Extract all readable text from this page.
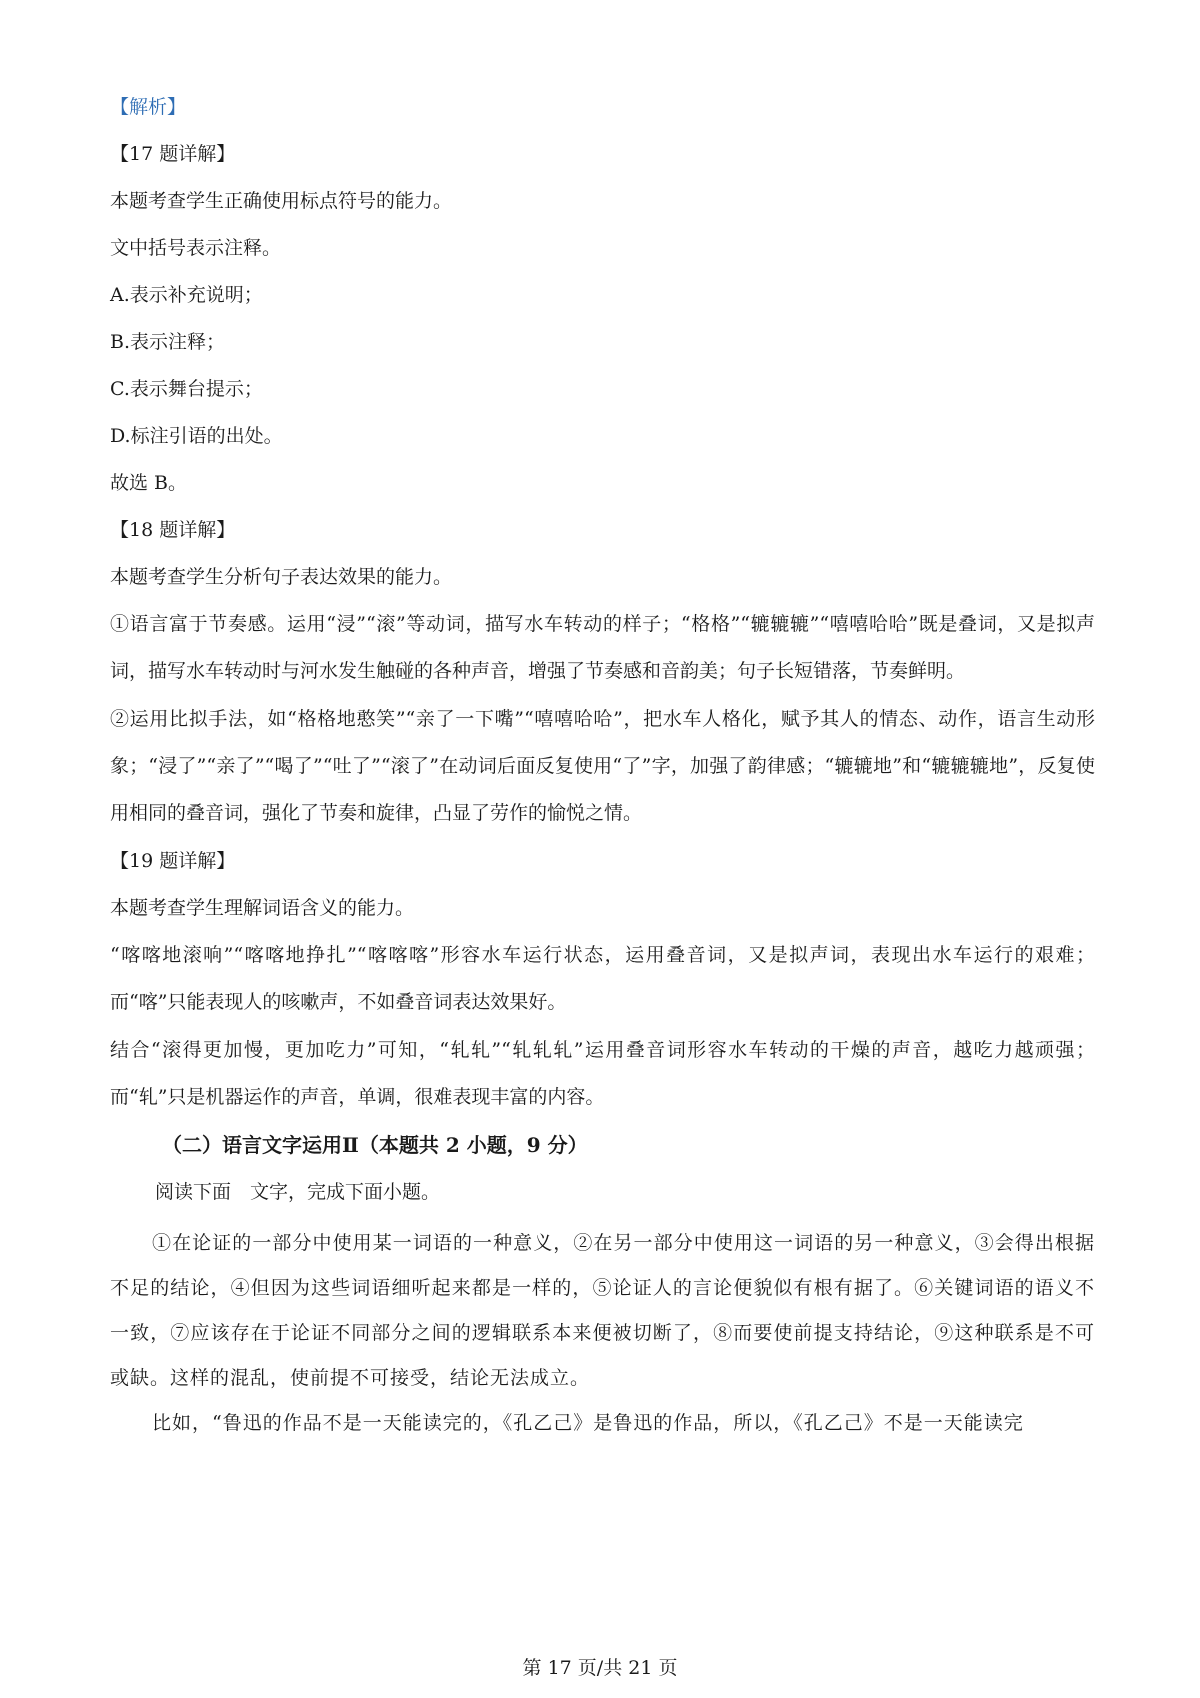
【解析】
【17 题详解】
本题考查学生正确使用标点符号的能力。
文中括号表示注释。
A.表示补充说明；
B.表示注释；
C.表示舞台提示；
D.标注引语的出处。
故选 B。
【18 题详解】
本题考查学生分析句子表达效果的能力。
①语言富于节奏感。运用“浸”“滚”等动词，描写水车转动的样子；“格格”“辘辘辘”“嘻嘻哈哈”既是叠词，又是拟声词，描写水车转动时与河水发生触碰的各种声音，增强了节奏感和音韵美；句子长短错落，节奏鲜明。
②运用比拟手法，如“格格地憨笑”“亲了一下嘴”“嘻嘻哈哈”，把水车人格化，赋予其人的情态、动作，语言生动形象；“浸了”“亲了”“喝了”“吐了”“滚了”在动词后面反复使用“了”字，加强了韵律感；“辘辘地”和“辘辘辘地”，反复使用相同的叠音词，强化了节奏和旋律，凸显了劳作的愉悦之情。
【19 题详解】
本题考查学生理解词语含义的能力。
“喀喀地滚响”“喀喀地挣扎”“喀喀喀”形容水车运行状态，运用叠音词，又是拟声词，表现出水车运行的艰难；而“喀”只能表现人的咳嗽声，不如叠音词表达效果好。
结合“滚得更加慢，更加吃力”可知，“轧轧”“轧轧轧”运用叠音词形容水车转动的干燥的声音，越吃力越顽强；而“轧”只是机器运作的声音，单调，很难表现丰富的内容。
（二）语言文字运用Ⅱ（本题共 2 小题，9 分）
阅读下面　文字，完成下面小题。
①在论证的一部分中使用某一词语的一种意义，②在另一部分中使用这一词语的另一种意义，③会得出根据不足的结论，④但因为这些词语细听起来都是一样的，⑤论证人的言论便貌似有根有据了。⑥关键词语的语义不一致，⑦应该存在于论证不同部分之间的逻辑联系本来便被切断了，⑧而要使前提支持结论，⑨这种联系是不可或缺。这样的混乱，使前提不可接受，结论无法成立。
比如，“鲁迅的作品不是一天能读完的，《孔乙己》是鲁迅的作品，所以，《孔乙己》不是一天能读完
第 17 页/共 21 页
